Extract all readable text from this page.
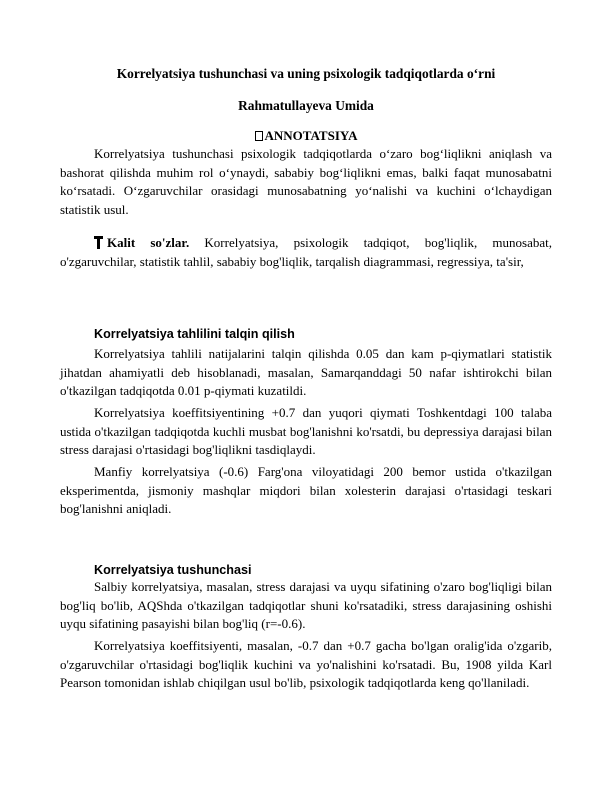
Korrelyatsiya tushunchasi va uning psixologik tadqiqotlarda o‘rni
Rahmatullayeva Umida
ANNOTATSIYA

Korrelyatsiya tushunchasi psixologik tadqiqotlarda o‘zaro bog‘liqlikni aniqlash va bashorat qilishda muhim rol o‘ynaydi, sababiy bog‘liqlikni emas, balki faqat munosabatni ko‘rsatadi. O‘zgaruvchilar orasidagi munosabatning yo‘nalishi va kuchini o‘lchaydigan statistik usul.

Kalit so'zlar. Korrelyatsiya, psixologik tadqiqot, bog'liqlik, munosabat, o'zgaruvchilar, statistik tahlil, sababiy bog'liqlik, tarqalish diagrammasi, regressiya, ta'sir,

Korrelyatsiya tahlilini talqin qilish

Korrelyatsiya tahlili natijalarini talqin qilishda 0.05 dan kam p-qiymatlari statistik jihatdan ahamiyatli deb hisoblanadi, masalan, Samarqanddagi 50 nafar ishtirokchi bilan o'tkazilgan tadqiqotda 0.01 p-qiymati kuzatildi.

Korrelyatsiya koeffitsiyentining +0.7 dan yuqori qiymati Toshkentdagi 100 talaba ustida o'tkazilgan tadqiqotda kuchli musbat bog'lanishni ko'rsatdi, bu depressiya darajasi bilan stress darajasi o'rtasidagi bog'liqlikni tasdiqlaydi.

Manfiy korrelyatsiya (-0.6) Farg'ona viloyatidagi 200 bemor ustida o'tkazilgan eksperimentda, jismoniy mashqlar miqdori bilan xolesterin darajasi o'rtasidagi teskari bog'lanishni aniqladi.

Korrelyatsiya tushunchasi

Salbiy korrelyatsiya, masalan, stress darajasi va uyqu sifatining o'zaro bog'liqligi bilan bog'liq bo'lib, AQShda o'tkazilgan tadqiqotlar shuni ko'rsatadiki, stress darajasining oshishi uyqu sifatining pasayishi bilan bog'liq (r=-0.6).

Korrelyatsiya koeffitsiyenti, masalan, -0.7 dan +0.7 gacha bo'lgan oralig'ida o'zgarib, o'zgaruvchilar o'rtasidagi bog'liqlik kuchini va yo'nalishini ko'rsatadi. Bu, 1908 yilda Karl Pearson tomonidan ishlab chiqilgan usul bo'lib, psixologik tadqiqotlarda keng qo'llaniladi.
